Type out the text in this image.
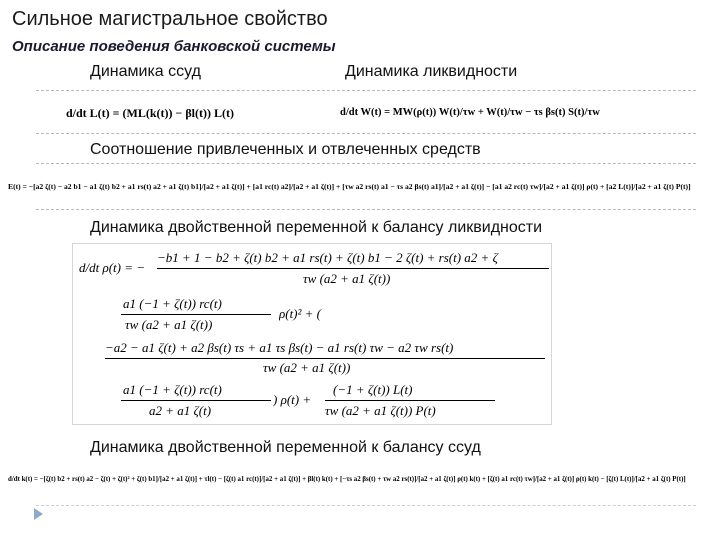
Сильное магистральное свойство
Описание поведения банковской системы
Динамика ссуд	Динамика ликвидности
d/dt L(t) = (ML(k(t)) − βl(t)) L(t)	d/dt W(t) = MW(ρ(t)) W(t)/τw + W(t)/τw − τs βs(t) S(t)/τw
Соотношение привлеченных и отвлеченных средств
E(t) = −[a2 ζ(t) − a2 b1 − a1 ζ(t) b2 + a1 rs(t) a2 + a1 ζ(t) b1]/[a2 + a1 ζ(t)] + [a1 rc(t) a2]/[a2 + a1 ζ(t)] + [τw a2 rs(t) a1 − τs a2 βs(t) a1]/[a2 + a1 ζ(t)] − [a1 a2 rc(t) τw]/[a2 + a1 ζ(t)] ρ(t) + [a2 L(t)]/[a2 + a1 ζ(t) P(t)]
Динамика двойственной переменной к балансу ликвидности
d/dt ρ(t) = −
−b1 + 1 − b2 + ζ(t) b2 + a1 rs(t) + ζ(t) b1 − 2 ζ(t) + rs(t) a2 + ζ
τw (a2 + a1 ζ(t))
a1 (−1 + ζ(t)) rc(t)
τw (a2 + a1 ζ(t))
ρ(t)² + (
−a2 − a1 ζ(t) + a2 βs(t) τs + a1 τs βs(t) − a1 rs(t) τw − a2 τw rs(t)
τw (a2 + a1 ζ(t))
a1 (−1 + ζ(t)) rc(t)
a2 + a1 ζ(t)
) ρ(t) +
(−1 + ζ(t)) L(t)
τw (a2 + a1 ζ(t)) P(t)
Динамика двойственной переменной к балансу ссуд
d/dt k(t) = −[ζ(t) b2 + rs(t) a2 − ζ(t) + ζ(t)² + ζ(t) b1]/[a2 + a1 ζ(t)] + τl(t) − [ζ(t) a1 rc(t)]/[a2 + a1 ζ(t)] + βl(t) k(t) + [−τs a2 βs(t) + τw a2 rs(t)]/[a2 + a1 ζ(t)] ρ(t) k(t) + [ζ(t) a1 rc(t) τw]/[a2 + a1 ζ(t)] ρ(t) k(t) − [ζ(t) L(t)]/[a2 + a1 ζ(t) P(t)]
